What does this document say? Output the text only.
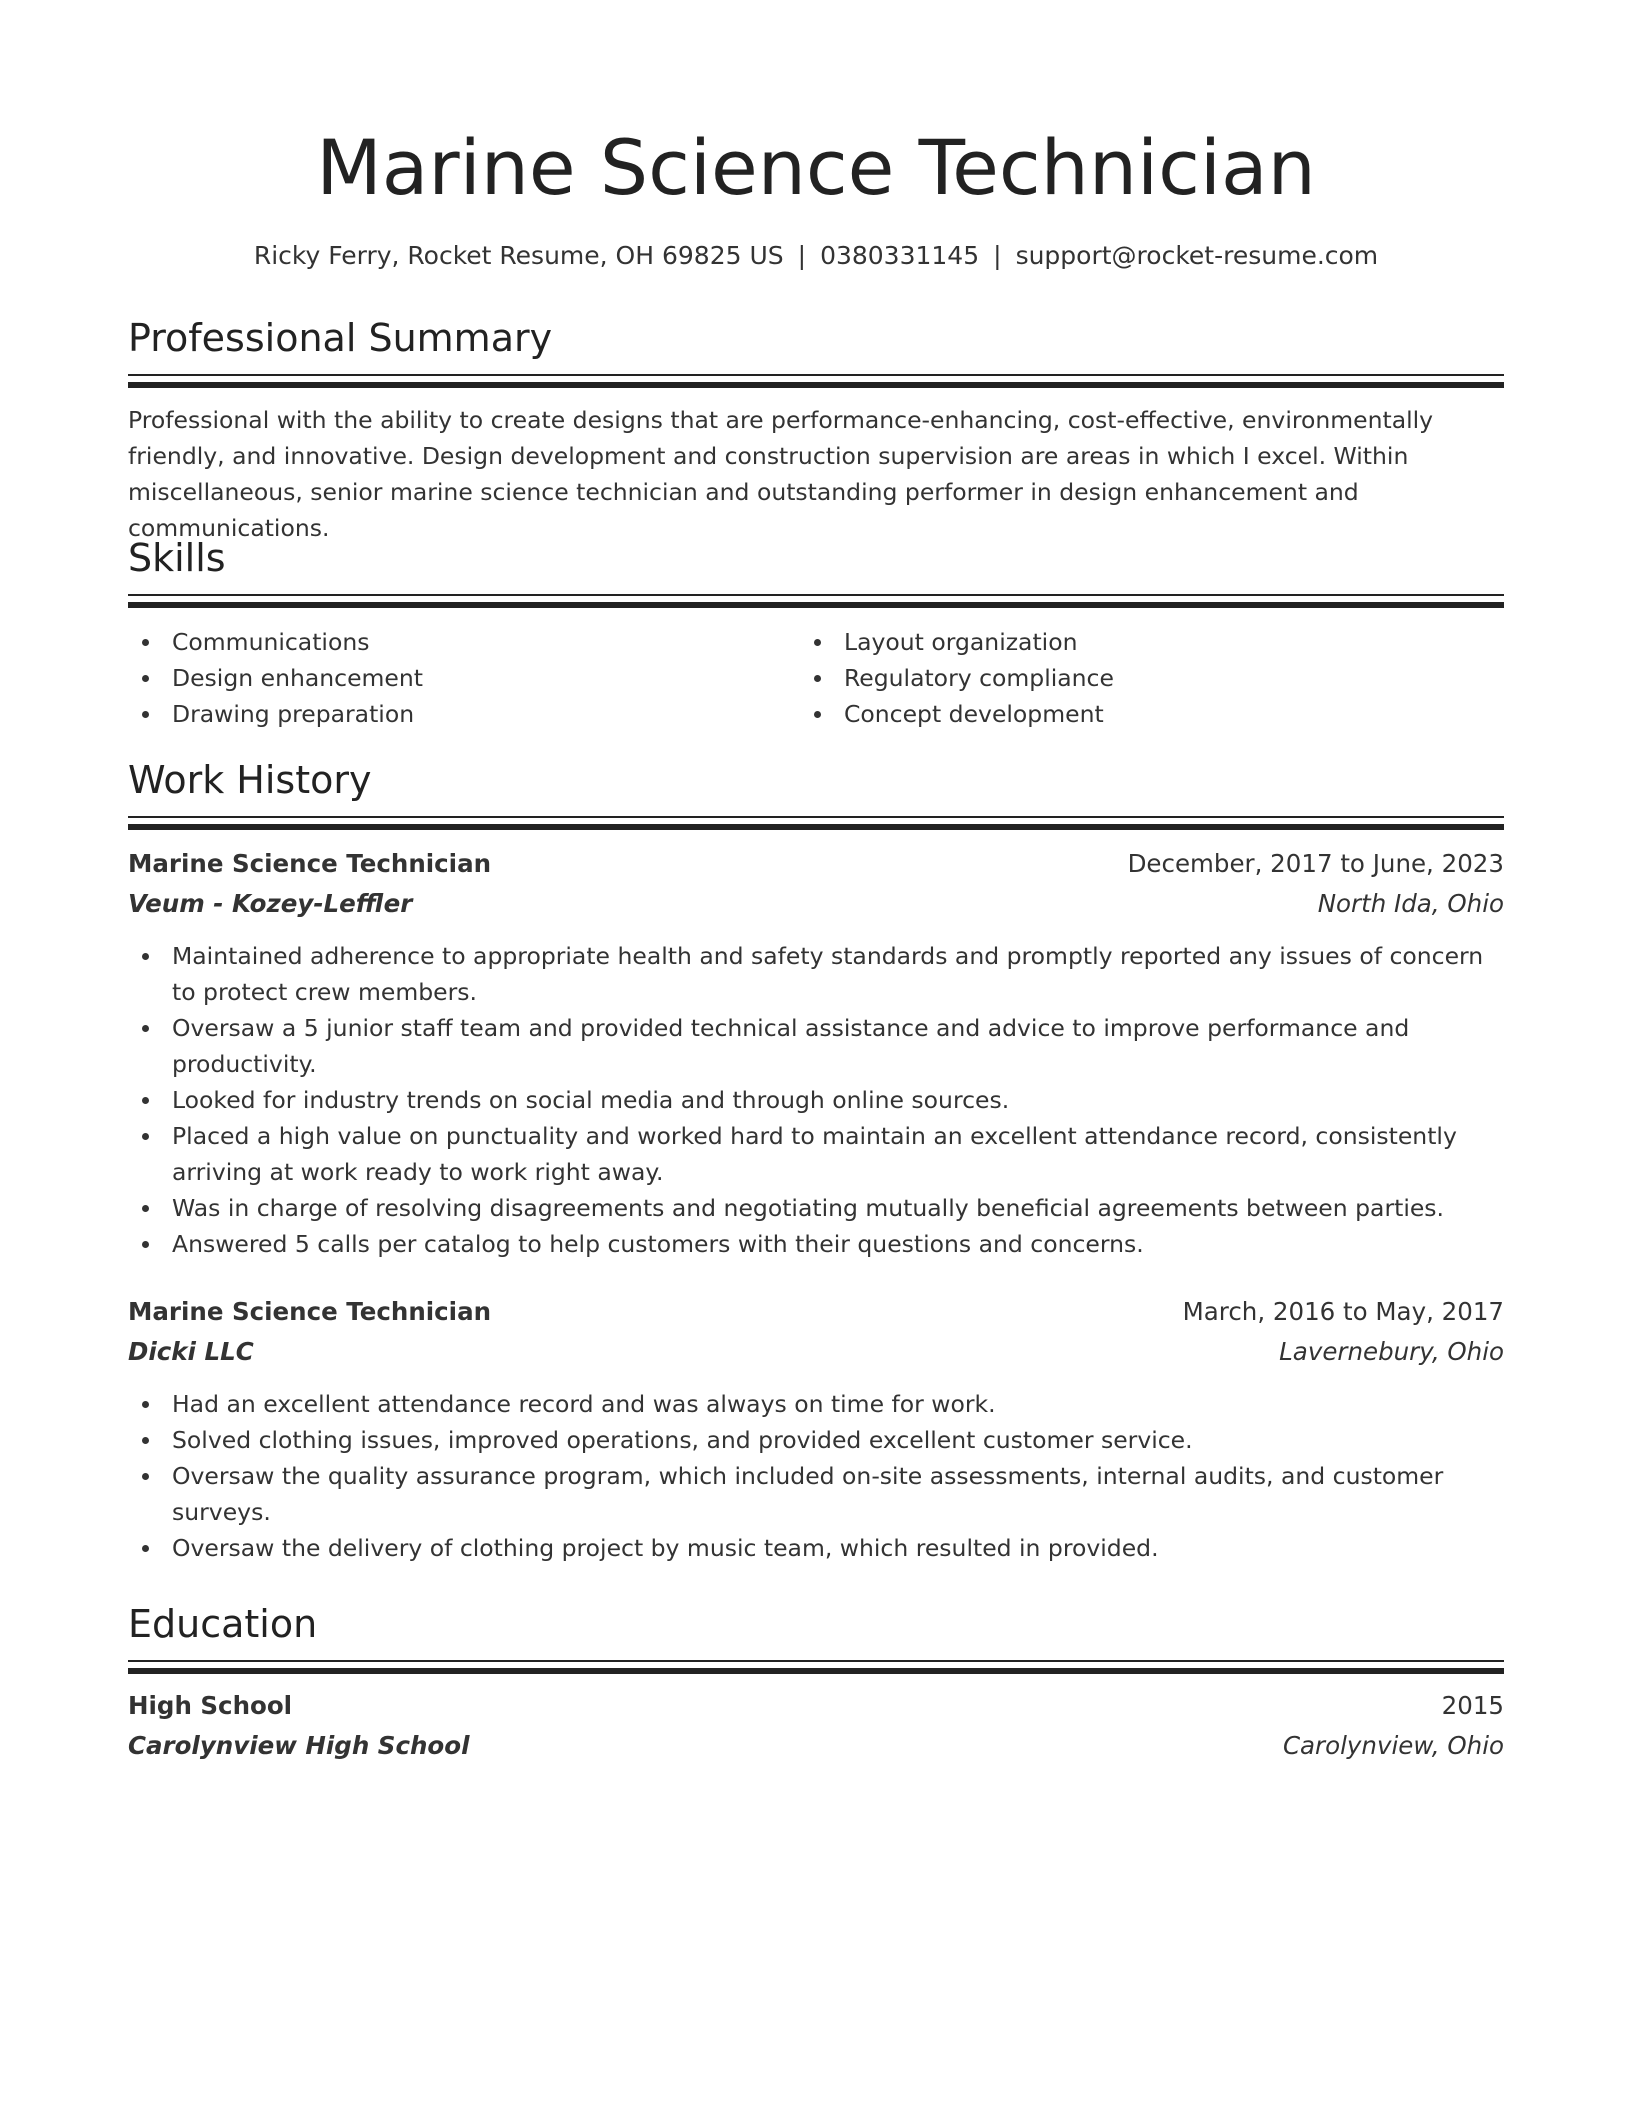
Marine Science Technician
Ricky Ferry, Rocket Resume, OH 69825 US | 0380331145 | support@rocket-resume.com
Professional Summary

Professional with the ability to create designs that are performance-enhancing, cost-effective, environmentally friendly, and innovative. Design development and construction supervision are areas in which I excel. Within miscellaneous, senior marine science technician and outstanding performer in design enhancement and communications.

Skills
Communications
Design enhancement
Drawing preparation
Layout organization
Regulatory compliance
Concept development
Work History
Marine Science Technician	December, 2017 to June, 2023
Veum - Kozey-Leffler	North Ida, Ohio
Maintained adherence to appropriate health and safety standards and promptly reported any issues of concern to protect crew members.
Oversaw a 5 junior staff team and provided technical assistance and advice to improve performance and productivity.
Looked for industry trends on social media and through online sources.
Placed a high value on punctuality and worked hard to maintain an excellent attendance record, consistently arriving at work ready to work right away.
Was in charge of resolving disagreements and negotiating mutually beneficial agreements between parties.
Answered 5 calls per catalog to help customers with their questions and concerns.
Marine Science Technician	March, 2016 to May, 2017
Dicki LLC	Lavernebury, Ohio
Had an excellent attendance record and was always on time for work.
Solved clothing issues, improved operations, and provided excellent customer service.
Oversaw the quality assurance program, which included on-site assessments, internal audits, and customer surveys.
Oversaw the delivery of clothing project by music team, which resulted in provided.
Education
High School	2015
Carolynview High School	Carolynview, Ohio
